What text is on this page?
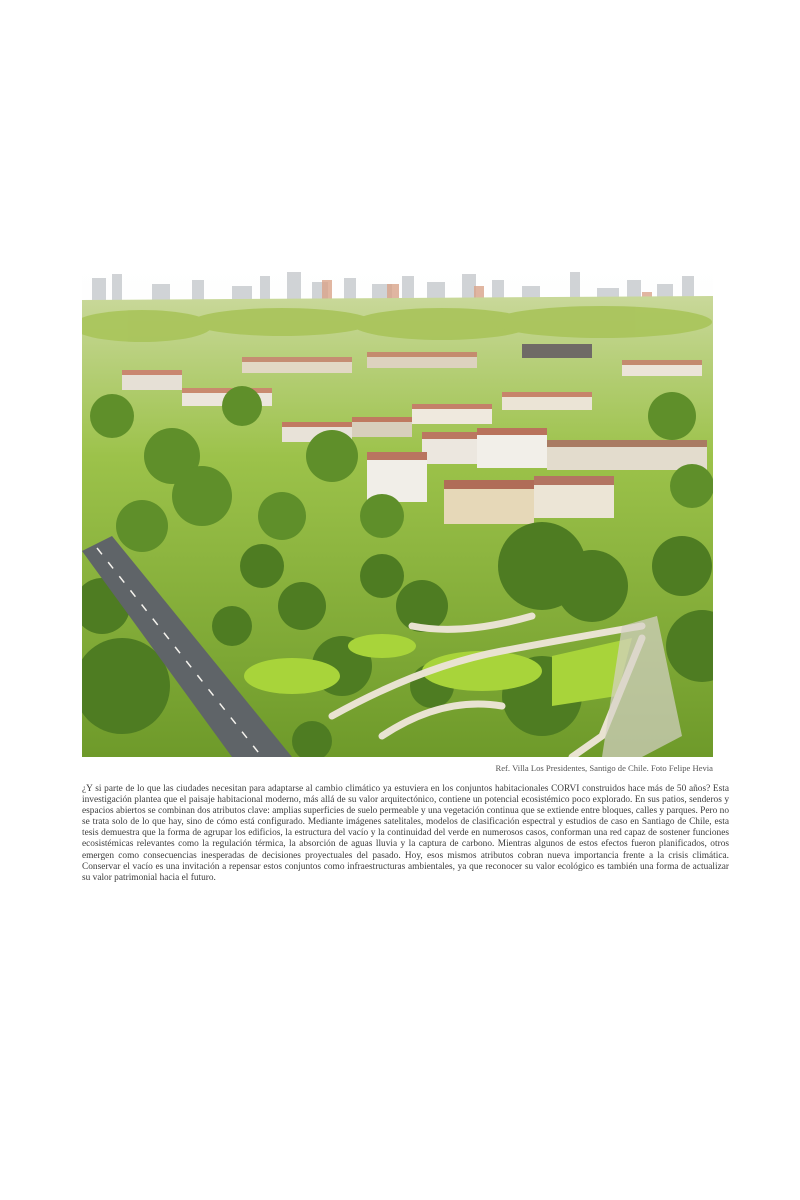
Ref. Villa Los Presidentes, Santigo de Chile. Foto Felipe Hevia

¿Y si parte de lo que las ciudades necesitan para adaptarse al cambio climático ya estuviera en los conjuntos habitacionales CORVI construidos hace más de 50 años? Esta investigación plantea que el paisaje habitacional moderno, más allá de su valor arquitectónico, contiene un potencial ecosistémico poco explorado. En sus patios, senderos y espacios abiertos se combinan dos atributos clave: amplias superficies de suelo permeable y una vegetación continua que se extiende entre bloques, calles y parques. Pero no se trata solo de lo que hay, sino de cómo está configurado. Mediante imágenes satelitales, modelos de clasificación espectral y estudios de caso en Santiago de Chile, esta tesis demuestra que la forma de agrupar los edificios, la estructura del vacío y la continuidad del verde en numerosos casos, conforman una red capaz de sostener funciones ecosistémicas relevantes como la regulación térmica, la absorción de aguas lluvia y la captura de carbono. Mientras algunos de estos efectos fueron planificados, otros emergen como consecuencias inesperadas de decisiones proyectuales del pasado. Hoy, esos mismos atributos cobran nueva importancia frente a la crisis climática. Conservar el vacío es una invitación a repensar estos conjuntos como infraestructuras ambientales, ya que reconocer su valor ecológico es también una forma de actualizar su valor patrimonial hacia el futuro.
